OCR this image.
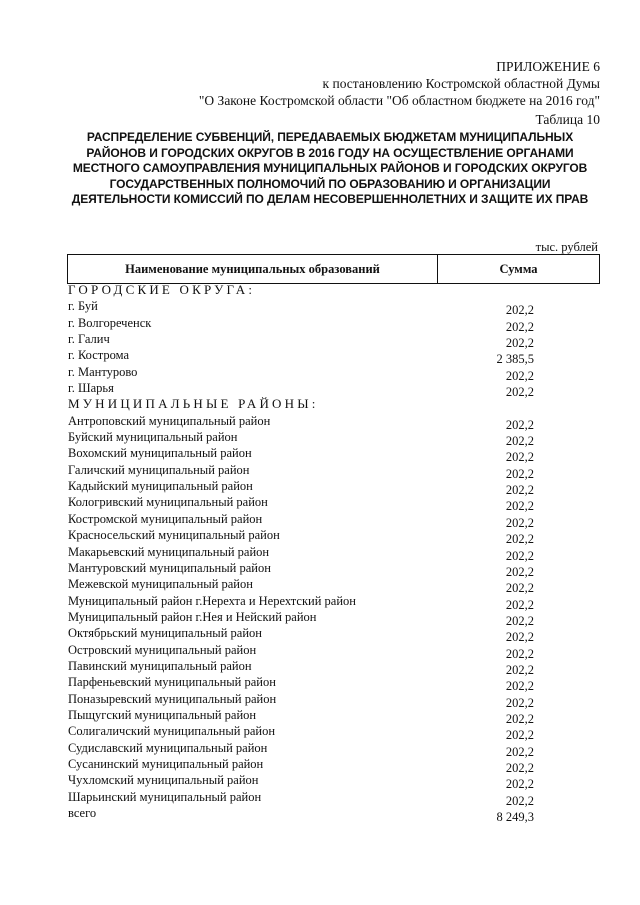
ПРИЛОЖЕНИЕ 6
к постановлению Костромской областной Думы
"О Законе Костромской области "Об областном бюджете на 2016 год"
Таблица 10
РАСПРЕДЕЛЕНИЕ СУБВЕНЦИЙ, ПЕРЕДАВАЕМЫХ БЮДЖЕТАМ МУНИЦИПАЛЬНЫХ
РАЙОНОВ И ГОРОДСКИХ ОКРУГОВ В 2016 ГОДУ НА ОСУЩЕСТВЛЕНИЕ ОРГАНАМИ
МЕСТНОГО САМОУПРАВЛЕНИЯ МУНИЦИПАЛЬНЫХ РАЙОНОВ И ГОРОДСКИХ ОКРУГОВ
ГОСУДАРСТВЕННЫХ ПОЛНОМОЧИЙ ПО ОБРАЗОВАНИЮ И ОРГАНИЗАЦИИ
ДЕЯТЕЛЬНОСТИ КОМИССИЙ ПО ДЕЛАМ НЕСОВЕРШЕННОЛЕТНИХ И ЗАЩИТЕ ИХ ПРАВ
тыс. рублей
Наименование муниципальных образований	Сумма
ГОРОДСКИЕ ОКРУГА:
г. Буй	202,2
г. Волгореченск	202,2
г. Галич	202,2
г. Кострома	2 385,5
г. Мантурово	202,2
г. Шарья	202,2
МУНИЦИПАЛЬНЫЕ РАЙОНЫ:
Антроповский муниципальный район	202,2
Буйский муниципальный район	202,2
Вохомский муниципальный район	202,2
Галичский муниципальный район	202,2
Кадыйский муниципальный район	202,2
Кологривский муниципальный район	202,2
Костромской муниципальный район	202,2
Красносельский муниципальный район	202,2
Макарьевский муниципальный район	202,2
Мантуровский муниципальный район	202,2
Межевской муниципальный район	202,2
Муниципальный район г.Нерехта и Нерехтский район	202,2
Муниципальный район г.Нея и Нейский район	202,2
Октябрьский муниципальный район	202,2
Островский муниципальный район	202,2
Павинский муниципальный район	202,2
Парфеньевский муниципальный район	202,2
Поназыревский муниципальный район	202,2
Пыщугский муниципальный район	202,2
Солигаличский муниципальный район	202,2
Судиславский муниципальный район	202,2
Сусанинский муниципальный район	202,2
Чухломский муниципальный район	202,2
Шарьинский муниципальный район	202,2
всего	8 249,3
